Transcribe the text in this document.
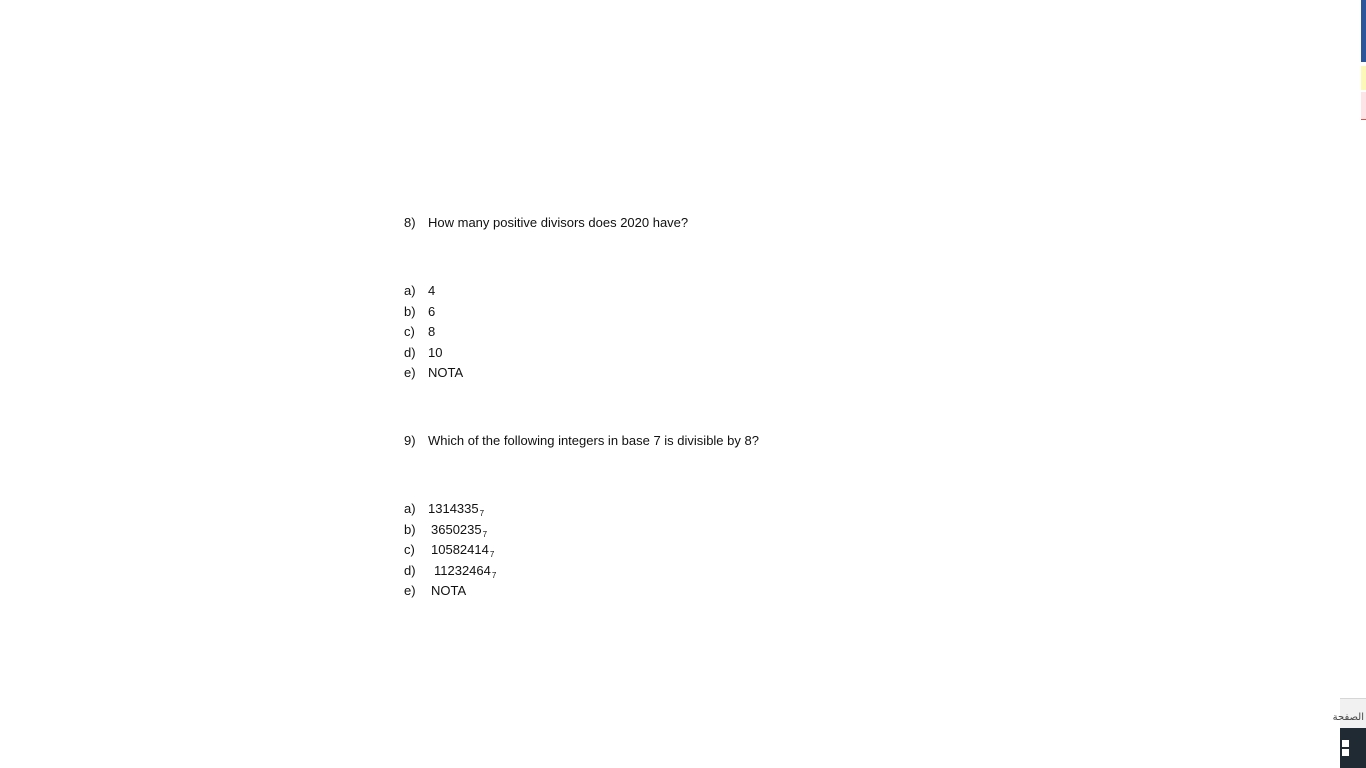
8) How many positive divisors does 2020 have?
a) 4
b) 6
c) 8
d) 10
e) NOTA
9) Which of the following integers in base 7 is divisible by 8?
a) $1314335_7$
b) $3650235_7$
c) $10582414_7$
d) $11232464_7$
e) NOTA
الصفحة
